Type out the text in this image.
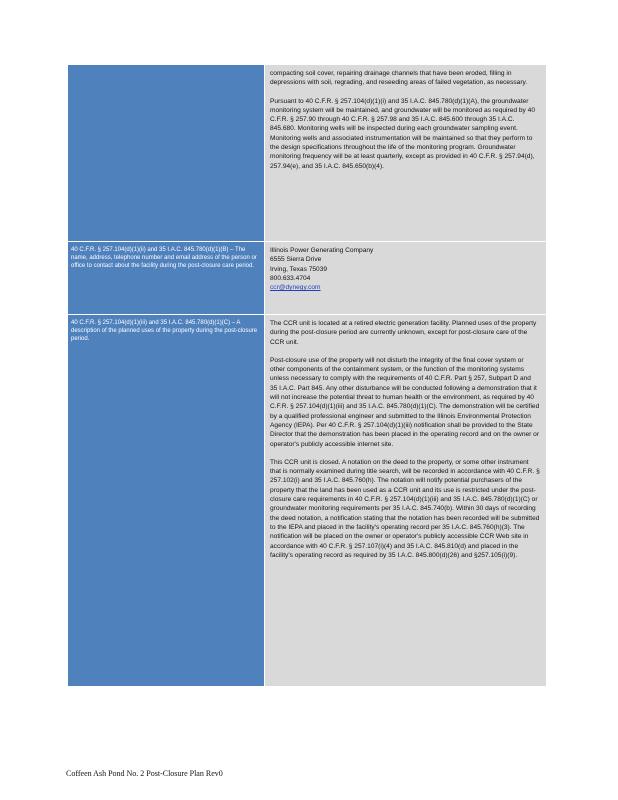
compacting soil cover, repairing drainage channels that have been eroded, filling in depressions with soil, regrading, and reseeding areas of failed vegetation, as necessary.

Pursuant to 40 C.F.R. § 257.104(d)(1)(i) and 35 I.A.C. 845.780(d)(1)(A), the groundwater monitoring system will be maintained, and groundwater will be monitored as required by 40 C.F.R. § 257.90 through 40 C.F.R. § 257.98 and 35 I.A.C. 845.600 through 35 I.A.C. 845.680. Monitoring wells will be inspected during each groundwater sampling event. Monitoring wells and associated instrumentation will be maintained so that they perform to the design specifications throughout the life of the monitoring program. Groundwater monitoring frequency will be at least quarterly, except as provided in 40 C.F.R. § 257.94(d), 257.94(e), and 35 I.A.C. 845.650(b)(4).

40 C.F.R. § 257.104(d)(1)(ii) and 35 I.A.C. 845.780(d)(1)(B) – The name, address, telephone number and email address of the person or office to contact about the facility during the post-closure care period.
Illinois Power Generating Company
6555 Sierra Drive
Irving, Texas 75039
800.633.4704
ccr@dynegy.com
40 C.F.R. § 257.104(d)(1)(iii) and 35 I.A.C. 845.780(d)(1)(C) – A description of the planned uses of the property during the post-closure period.

The CCR unit is located at a retired electric generation facility. Planned uses of the property during the post-closure period are currently unknown, except for post-closure care of the CCR unit.

Post-closure use of the property will not disturb the integrity of the final cover system or other components of the containment system, or the function of the monitoring systems unless necessary to comply with the requirements of 40 C.F.R. Part § 257, Subpart D and 35 I.A.C. Part 845. Any other disturbance will be conducted following a demonstration that it will not increase the potential threat to human health or the environment, as required by 40 C.F.R. § 257.104(d)(1)(iii) and 35 I.A.C. 845.780(d)(1)(C). The demonstration will be certified by a qualified professional engineer and submitted to the Illinois Environmental Protection Agency (IEPA). Per 40 C.F.R. § 257.104(d)(1)(iii) notification shall be provided to the State Director that the demonstration has been placed in the operating record and on the owner or operator's publicly accessible internet site.

This CCR unit is closed. A notation on the deed to the property, or some other instrument that is normally examined during title search, will be recorded in accordance with 40 C.F.R. § 257.102(i) and 35 I.A.C. 845.760(h). The notation will notify potential purchasers of the property that the land has been used as a CCR unit and its use is restricted under the post-closure care requirements in 40 C.F.R. § 257.104(d)(1)(iii) and 35 I.A.C. 845.780(d)(1)(C) or groundwater monitoring requirements per 35 I.A.C. 845.740(b). Within 30 days of recording the deed notation, a notification stating that the notation has been recorded will be submitted to the IEPA and placed in the facility's operating record per 35 I.A.C. 845.760(h)(3). The notification will be placed on the owner or operator's publicly accessible CCR Web site in accordance with 40 C.F.R. § 257.107(i)(4) and 35 I.A.C. 845.810(d) and placed in the facility's operating record as required by 35 I.A.C. 845.800(d)(26) and §257.105(i)(9).

Coffeen Ash Pond No. 2 Post-Closure Plan Rev0
